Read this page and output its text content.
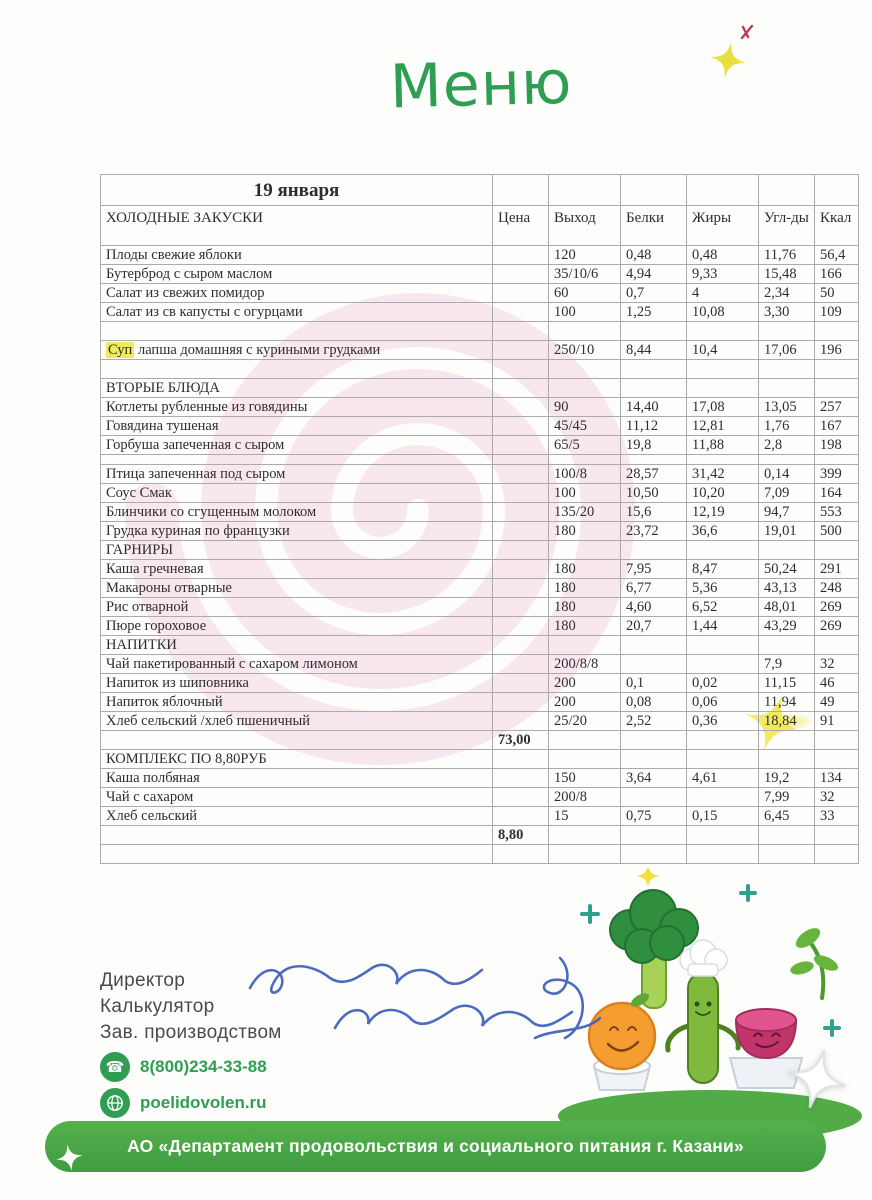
Меню
19 января						
ХОЛОДНЫЕ ЗАКУСКИ	Цена	Выход	Белки	Жиры	Угл-ды	Ккал
Плоды свежие яблоки		120	0,48	0,48	11,76	56,4
Бутерброд с сыром маслом		35/10/6	4,94	9,33	15,48	166
Салат из свежих помидор		60	0,7	4	2,34	50
Салат из св капусты с огурцами		100	1,25	10,08	3,30	109

Суп лапша домашняя с куриными грудками		250/10	8,44	10,4	17,06	196

ВТОРЫЕ БЛЮДА						
Котлеты рубленные из говядины		90	14,40	17,08	13,05	257
Говядина тушеная		45/45	11,12	12,81	1,76	167
Горбуша запеченная с сыром		65/5	19,8	11,88	2,8	198

Птица запеченная под сыром		100/8	28,57	31,42	0,14	399
Соус Смак		100	10,50	10,20	7,09	164
Блинчики со сгущенным молоком		135/20	15,6	12,19	94,7	553
Грудка куриная по французки		180	23,72	36,6	19,01	500
ГАРНИРЫ						
Каша гречневая		180	7,95	8,47	50,24	291
Макароны отварные		180	6,77	5,36	43,13	248
Рис отварной		180	4,60	6,52	48,01	269
Пюре гороховое		180	20,7	1,44	43,29	269
НАПИТКИ						
Чай пакетированный с сахаром лимоном		200/8/8			7,9	32
Напиток из шиповника		200	0,1	0,02	11,15	46
Напиток яблочный		200	0,08	0,06	11,94	49
Хлеб сельский /хлеб пшеничный		25/20	2,52	0,36	18,84	91
	73,00					
КОМПЛЕКС ПО 8,80РУБ						
Каша полбяная		150	3,64	4,61	19,2	134
Чай с сахаром		200/8			7,99	32
Хлеб сельский		15	0,75	0,15	6,45	33
	8,80					

Директор
Калькулятор
Зав. производством
☎ 8(800)234-33-88
poelidovolen.ru
АО «Департамент продовольствия и социального питания г. Казани»
